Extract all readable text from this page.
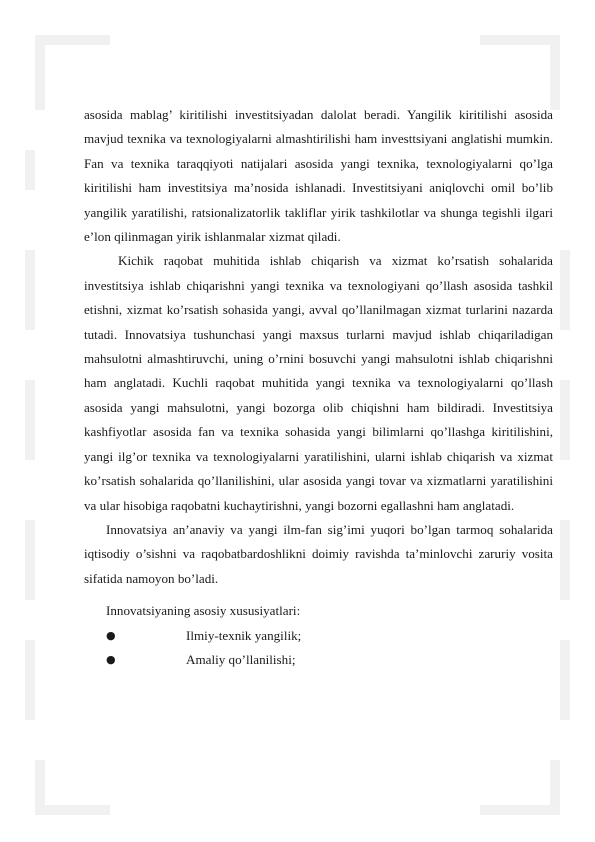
asosida mablag’ kiritilishi investitsiyadan dalolat beradi. Yangilik kiritilishi asosida mavjud texnika va texnologiyalarni almashtirilishi ham investtsiyani anglatishi mumkin. Fan va texnika taraqqiyoti natijalari asosida yangi texnika, texnologiyalarni qo’lga kiritilishi ham investitsiya ma’nosida ishlanadi. Investitsiyani aniqlovchi omil bo’lib yangilik yaratilishi, ratsionalizatorlik takliflar yirik tashkilotlar va shunga tegishli ilgari e’lon qilinmagan yirik ishlanmalar xizmat qiladi.

Kichik raqobat muhitida ishlab chiqarish va xizmat ko’rsatish sohalarida investitsiya ishlab chiqarishni yangi texnika va texnologiyani qo’llash asosida tashkil etishni, xizmat ko’rsatish sohasida yangi, avval qo’llanilmagan xizmat turlarini nazarda tutadi. Innovatsiya tushunchasi yangi maxsus turlarni mavjud ishlab chiqariladigan mahsulotni almashtiruvchi, uning o’rnini bosuvchi yangi mahsulotni ishlab chiqarishni ham anglatadi. Kuchli raqobat muhitida yangi texnika va texnologiyalarni qo’llash asosida yangi mahsulotni, yangi bozorga olib chiqishni ham bildiradi. Investitsiya kashfiyotlar asosida fan va texnika sohasida yangi bilimlarni qo’llashga kiritilishini, yangi ilg’or texnika va texnologiyalarni yaratilishini, ularni ishlab chiqarish va xizmat ko’rsatish sohalarida qo’llanilishini, ular asosida yangi tovar va xizmatlarni yaratilishini va ular hisobiga raqobatni kuchaytirishni, yangi bozorni egallashni ham anglatadi.

Innovatsiya an’anaviy va yangi ilm-fan sig’imi yuqori bo’lgan tarmoq sohalarida iqtisodiy o’sishni va raqobatbardoshlikni doimiy ravishda ta’minlovchi zaruriy vosita sifatida namoyon bo’ladi.

Innovatsiyaning asosiy xususiyatlari:

●	Ilmiy-texnik yangilik;
●	Amaliy qo’llanilishi;
